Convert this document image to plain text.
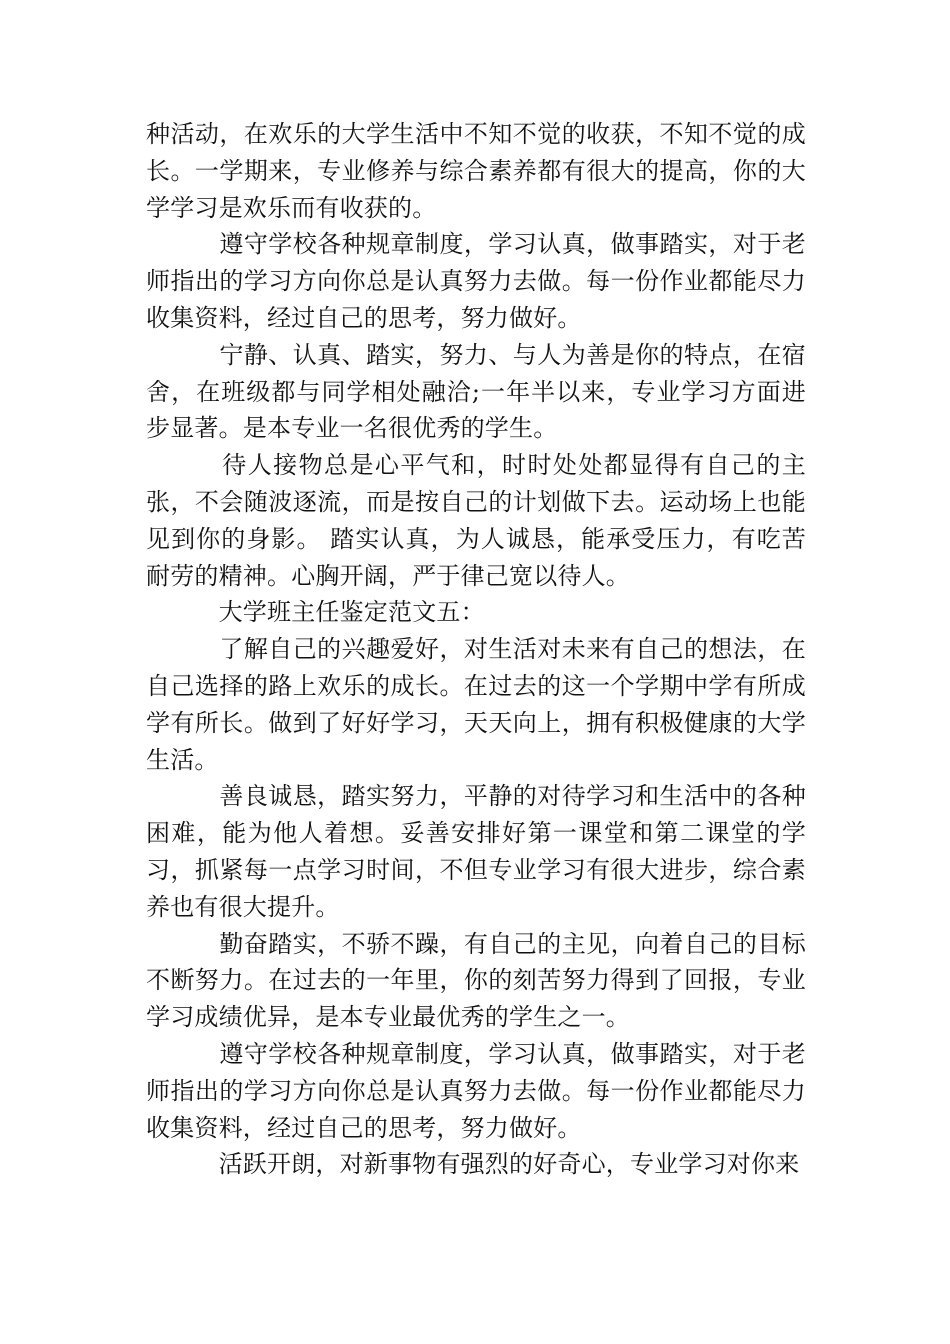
种活动，在欢乐的大学生活中不知不觉的收获，不知不觉的成长。一学期来，专业修养与综合素养都有很大的提高，你的大学学习是欢乐而有收获的。

　　　遵守学校各种规章制度，学习认真，做事踏实，对于老师指出的学习方向你总是认真努力去做。每一份作业都能尽力收集资料，经过自己的思考，努力做好。

　　　宁静、认真、踏实，努力、与人为善是你的特点，在宿舍，在班级都与同学相处融洽;一年半以来，专业学习方面进步显著。是本专业一名很优秀的学生。

　　　待人接物总是心平气和，时时处处都显得有自己的主张，不会随波逐流，而是按自己的计划做下去。运动场上也能见到你的身影。 踏实认真，为人诚恳，能承受压力，有吃苦耐劳的精神。心胸开阔，严于律己宽以待人。

　　　大学班主任鉴定范文五：

　　　了解自己的兴趣爱好，对生活对未来有自己的想法，在自己选择的路上欢乐的成长。在过去的这一个学期中学有所成学有所长。做到了好好学习，天天向上，拥有积极健康的大学生活。

　　　善良诚恳，踏实努力，平静的对待学习和生活中的各种困难，能为他人着想。妥善安排好第一课堂和第二课堂的学习，抓紧每一点学习时间，不但专业学习有很大进步，综合素养也有很大提升。

　　　勤奋踏实，不骄不躁，有自己的主见，向着自己的目标不断努力。在过去的一年里，你的刻苦努力得到了回报，专业学习成绩优异，是本专业最优秀的学生之一。

　　　遵守学校各种规章制度，学习认真，做事踏实，对于老师指出的学习方向你总是认真努力去做。每一份作业都能尽力收集资料，经过自己的思考，努力做好。

　　　活跃开朗，对新事物有强烈的好奇心，专业学习对你来
